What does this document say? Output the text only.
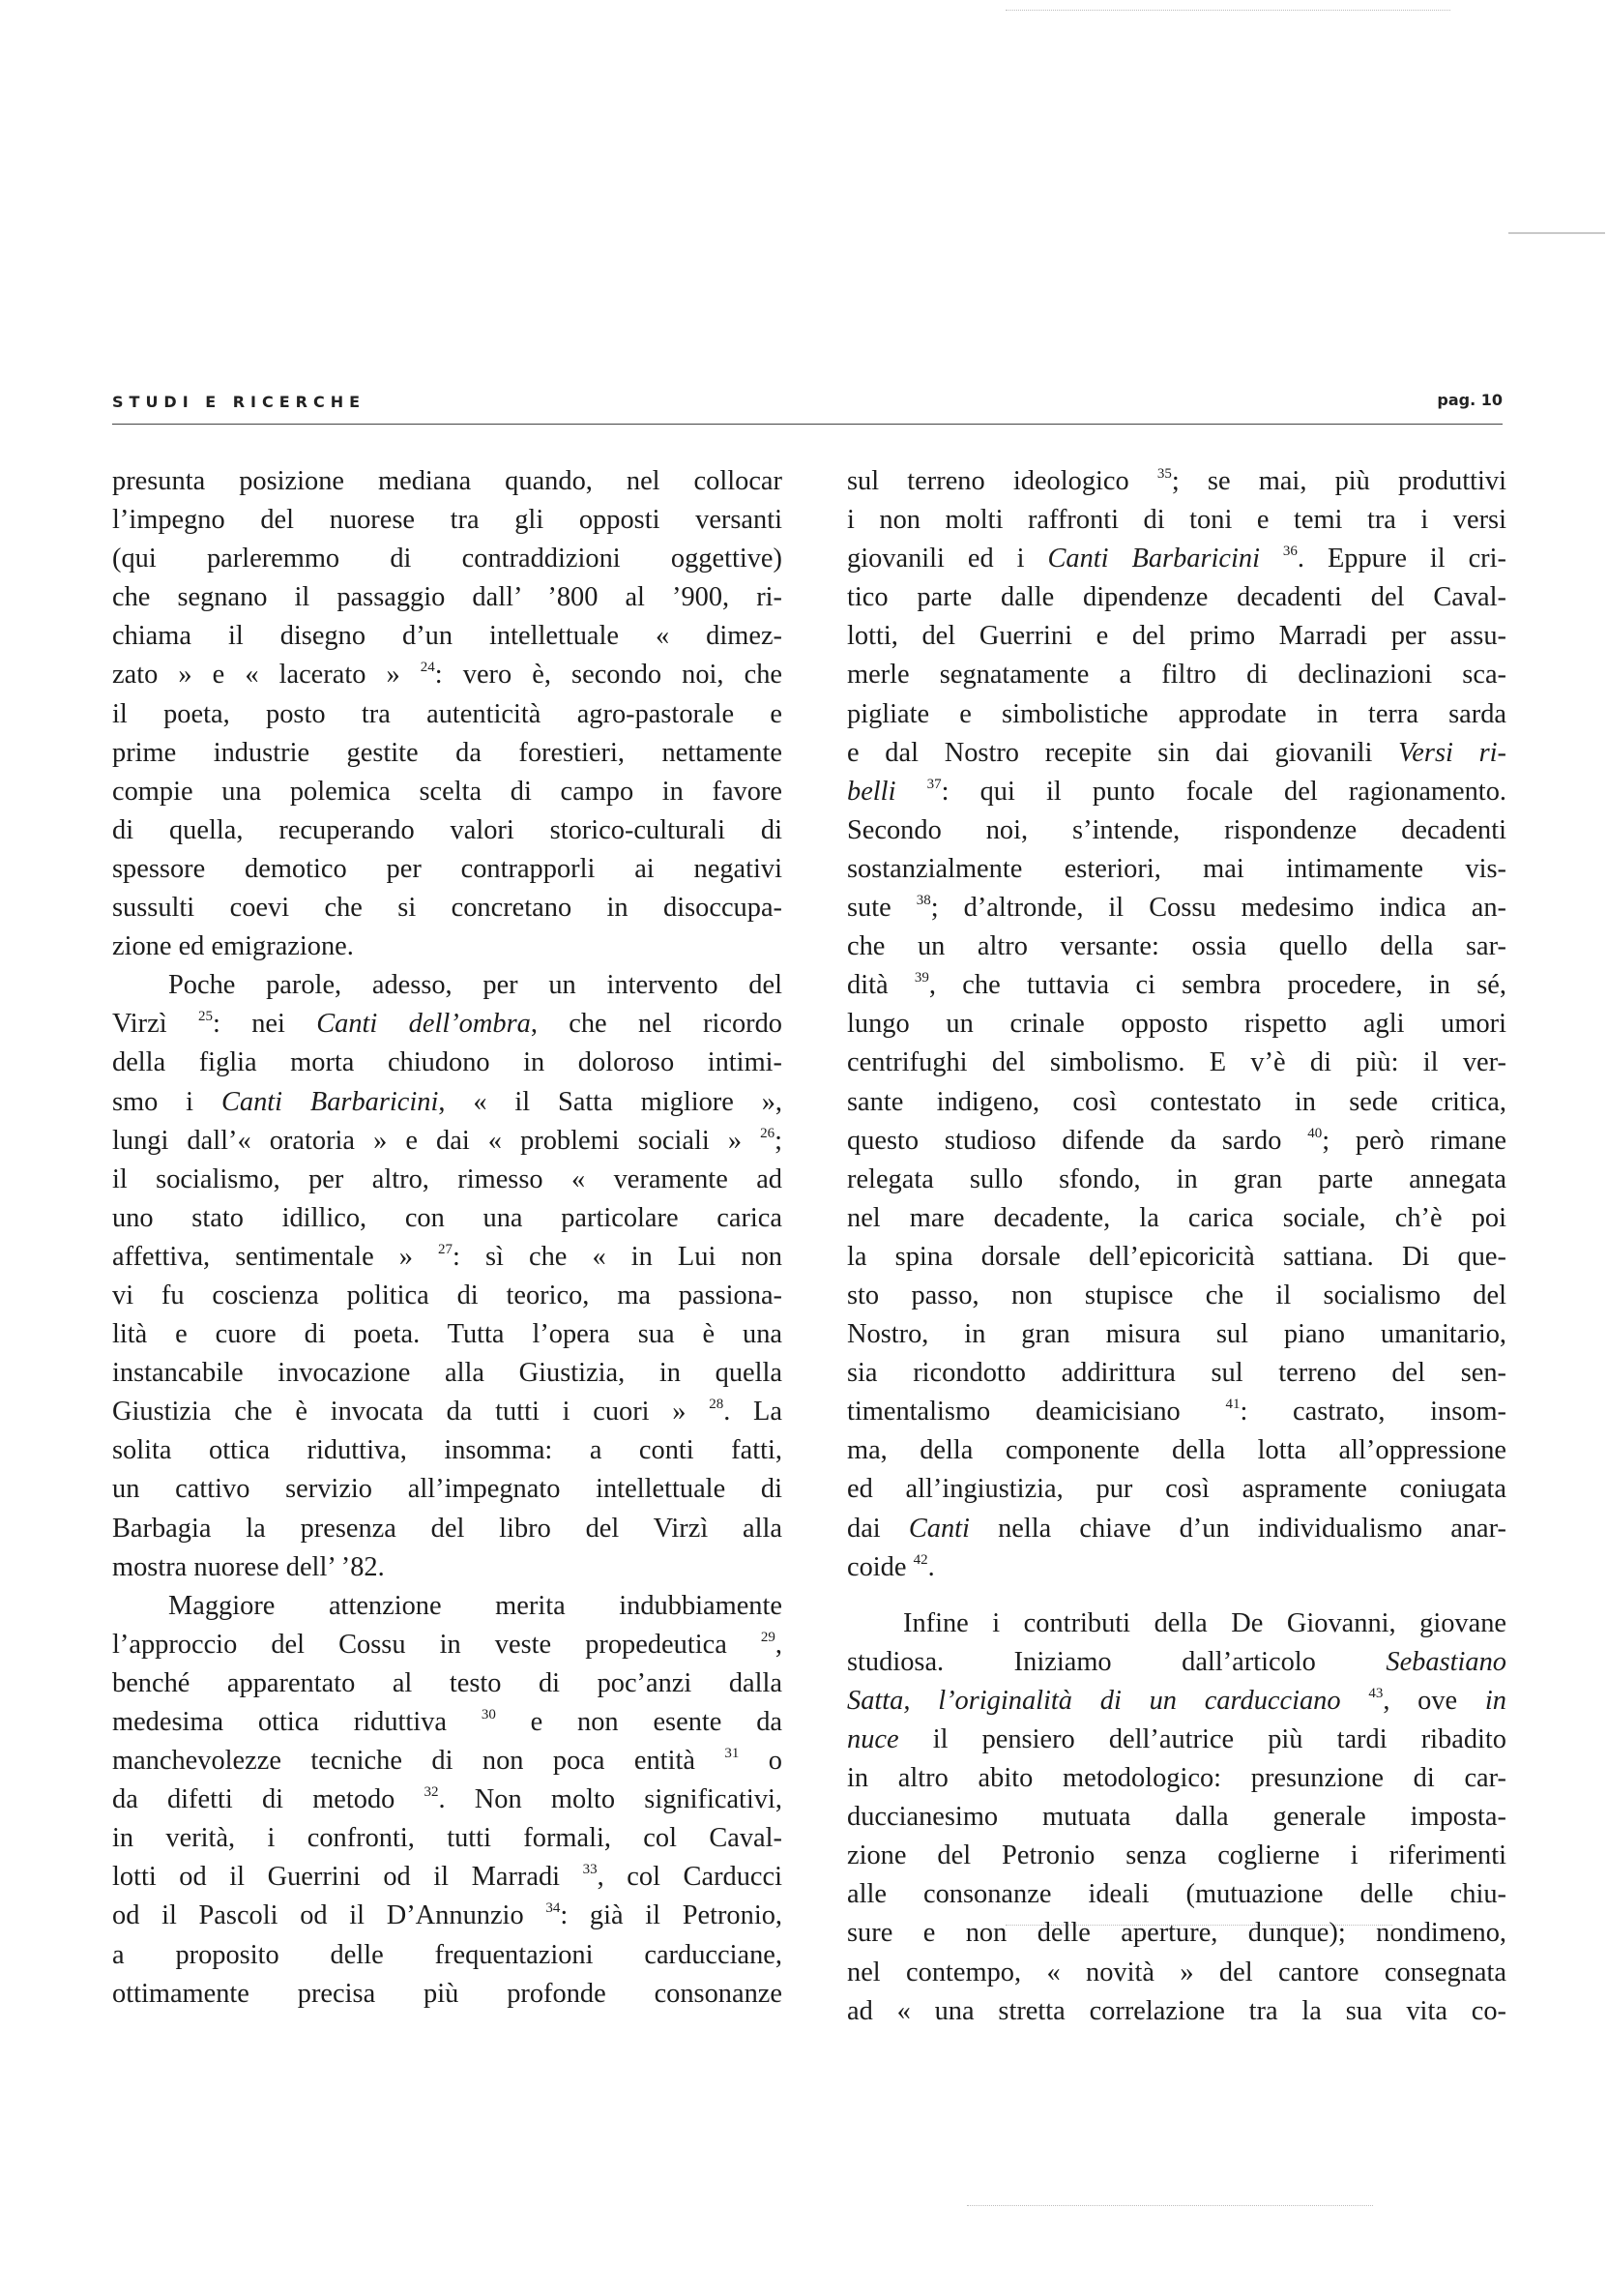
STUDI E RICERCHE	pag. 10
presunta posizione mediana quando, nel collocar
l’impegno del nuorese tra gli opposti versanti
(qui parleremmo di contraddizioni oggettive)
che segnano il passaggio dall’ ’800 al ’900, ri-
chiama il disegno d’un intellettuale « dimez-
zato » e « lacerato » $^{24}$: vero è, secondo noi, che
il poeta, posto tra autenticità agro-pastorale e
prime industrie gestite da forestieri, nettamente
compie una polemica scelta di campo in favore
di quella, recuperando valori storico-culturali di
spessore demotico per contrapporli ai negativi
sussulti coevi che si concretano in disoccupa-
zione ed emigrazione.
Poche parole, adesso, per un intervento del
Virzì $^{25}$: nei Canti dell’ombra, che nel ricordo
della figlia morta chiudono in doloroso intimi-
smo i Canti Barbaricini, « il Satta migliore »,
lungi dall’« oratoria » e dai « problemi sociali » $^{26}$;
il socialismo, per altro, rimesso « veramente ad
uno stato idillico, con una particolare carica
affettiva, sentimentale » $^{27}$: sì che « in Lui non
vi fu coscienza politica di teorico, ma passiona-
lità e cuore di poeta. Tutta l’opera sua è una
instancabile invocazione alla Giustizia, in quella
Giustizia che è invocata da tutti i cuori » $^{28}$. La
solita ottica riduttiva, insomma: a conti fatti,
un cattivo servizio all’impegnato intellettuale di
Barbagia la presenza del libro del Virzì alla
mostra nuorese dell’ ’82.
Maggiore attenzione merita indubbiamente
l’approccio del Cossu in veste propedeutica $^{29}$,
benché apparentato al testo di poc’anzi dalla
medesima ottica riduttiva $^{30}$ e non esente da
manchevolezze tecniche di non poca entità $^{31}$ o
da difetti di metodo $^{32}$. Non molto significativi,
in verità, i confronti, tutti formali, col Caval-
lotti od il Guerrini od il Marradi $^{33}$, col Carducci
od il Pascoli od il D’Annunzio $^{34}$: già il Petronio,
a proposito delle frequentazioni carducciane,
ottimamente precisa più profonde consonanze
sul terreno ideologico $^{35}$; se mai, più produttivi
i non molti raffronti di toni e temi tra i versi
giovanili ed i Canti Barbaricini $^{36}$. Eppure il cri-
tico parte dalle dipendenze decadenti del Caval-
lotti, del Guerrini e del primo Marradi per assu-
merle segnatamente a filtro di declinazioni sca-
pigliate e simbolistiche approdate in terra sarda
e dal Nostro recepite sin dai giovanili Versi ri-
belli $^{37}$: qui il punto focale del ragionamento.
Secondo noi, s’intende, rispondenze decadenti
sostanzialmente esteriori, mai intimamente vis-
sute $^{38}$; d’altronde, il Cossu medesimo indica an-
che un altro versante: ossia quello della sar-
dità $^{39}$, che tuttavia ci sembra procedere, in sé,
lungo un crinale opposto rispetto agli umori
centrifughi del simbolismo. E v’è di più: il ver-
sante indigeno, così contestato in sede critica,
questo studioso difende da sardo $^{40}$; però rimane
relegata sullo sfondo, in gran parte annegata
nel mare decadente, la carica sociale, ch’è poi
la spina dorsale dell’epicoricità sattiana. Di que-
sto passo, non stupisce che il socialismo del
Nostro, in gran misura sul piano umanitario,
sia ricondotto addirittura sul terreno del sen-
timentalismo deamicisiano $^{41}$: castrato, insom-
ma, della componente della lotta all’oppressione
ed all’ingiustizia, pur così aspramente coniugata
dai Canti nella chiave d’un individualismo anar-
coide $^{42}$.
Infine i contributi della De Giovanni, giovane
studiosa. Iniziamo dall’articolo Sebastiano
Satta, l’originalità di un carducciano $^{43}$, ove in
nuce il pensiero dell’autrice più tardi ribadito
in altro abito metodologico: presunzione di car-
duccianesimo mutuata dalla generale imposta-
zione del Petronio senza coglierne i riferimenti
alle consonanze ideali (mutuazione delle chiu-
sure e non delle aperture, dunque); nondimeno,
nel contempo, « novità » del cantore consegnata
ad « una stretta correlazione tra la sua vita co-
